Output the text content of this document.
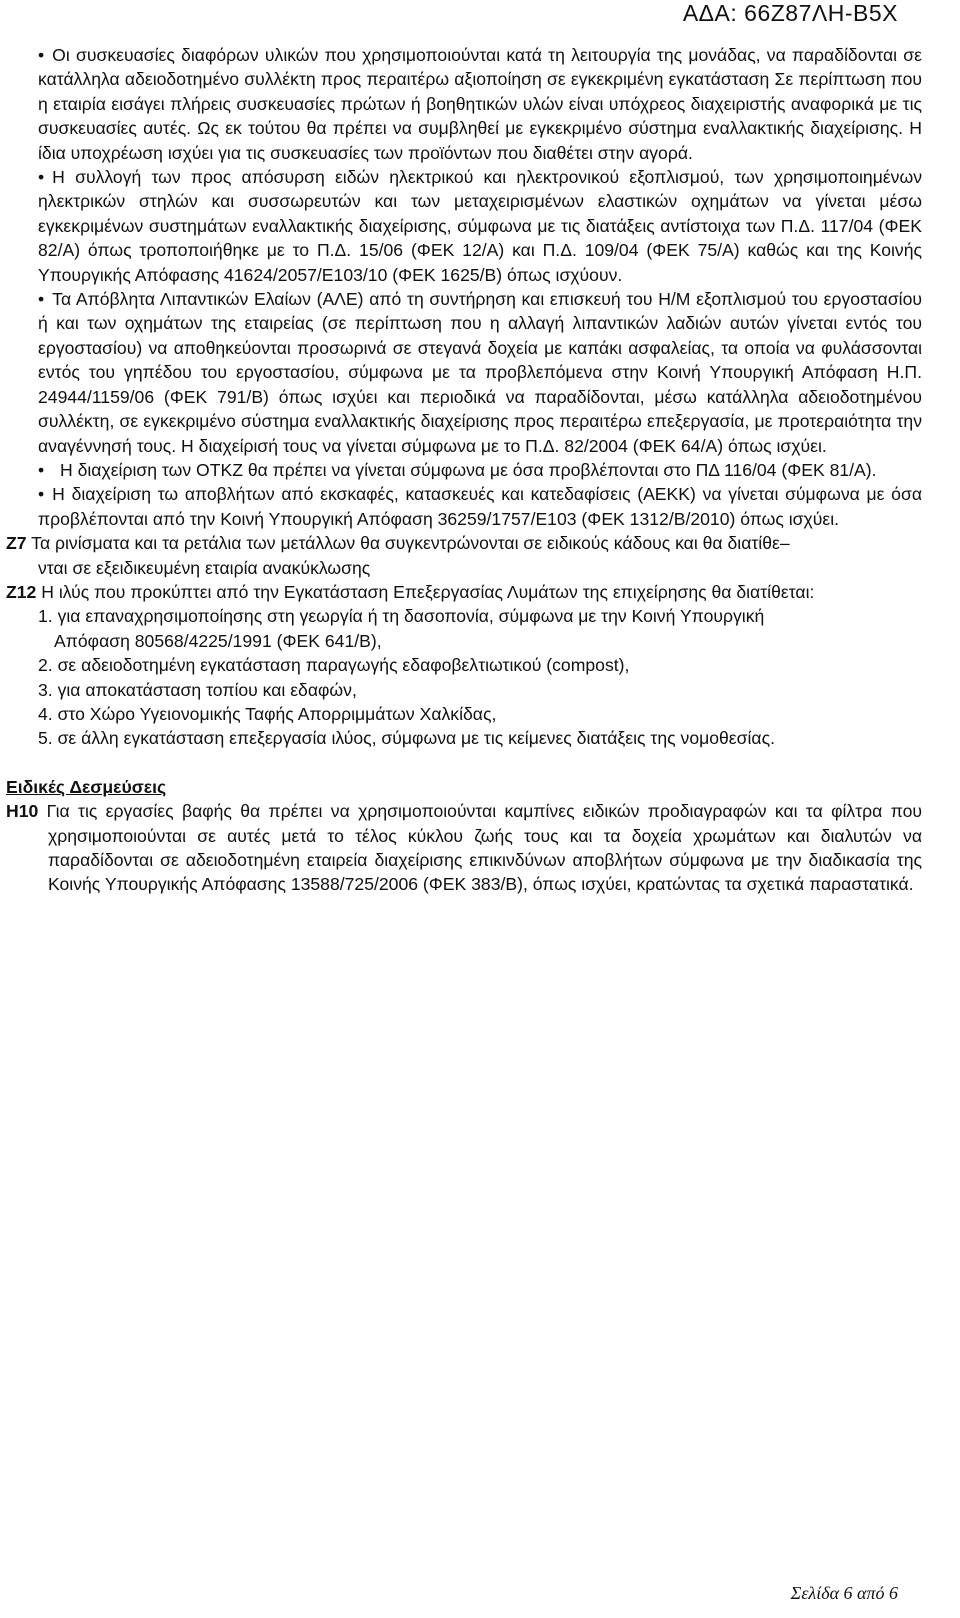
ΑΔΑ: 66Ζ87ΛΗ-Β5Χ
• Οι συσκευασίες διαφόρων υλικών που χρησιμοποιούνται κατά τη λειτουργία της μονάδας, να παραδίδονται σε κατάλληλα αδειοδοτημένο συλλέκτη προς περαιτέρω αξιοποίηση σε εγκεκριμένη εγκατάσταση Σε περίπτωση που η εταιρία εισάγει πλήρεις συσκευασίες πρώτων ή βοηθητικών υλών είναι υπόχρεος διαχειριστής αναφορικά με τις συσκευασίες αυτές. Ως εκ τούτου θα πρέπει να συμβληθεί με εγκεκριμένο σύστημα εναλλακτικής διαχείρισης. Η ίδια υποχρέωση ισχύει για τις συσκευασίες των προϊόντων που διαθέτει στην αγορά.
• Η συλλογή των προς απόσυρση ειδών ηλεκτρικού και ηλεκτρονικού εξοπλισμού, των χρησιμοποιημένων ηλεκτρικών στηλών και συσσωρευτών και των μεταχειρισμένων ελαστικών οχημάτων να γίνεται μέσω εγκεκριμένων συστημάτων εναλλακτικής διαχείρισης, σύμφωνα με τις διατάξεις αντίστοιχα των Π.Δ. 117/04 (ΦΕΚ 82/Α) όπως τροποποιήθηκε με το Π.Δ. 15/06 (ΦΕΚ 12/Α) και Π.Δ. 109/04 (ΦΕΚ 75/Α) καθώς και της Κοινής Υπουργικής Απόφασης 41624/2057/Ε103/10 (ΦΕΚ 1625/Β) όπως ισχύουν.
• Τα Απόβλητα Λιπαντικών Ελαίων (ΑΛΕ) από τη συντήρηση και επισκευή του Η/Μ εξοπλισμού του εργοστασίου ή και των οχημάτων της εταιρείας (σε περίπτωση που η αλλαγή λιπαντικών λαδιών αυτών γίνεται εντός του εργοστασίου) να αποθηκεύονται προσωρινά σε στεγανά δοχεία με καπάκι ασφαλείας, τα οποία να φυλάσσονται εντός του γηπέδου του εργοστασίου, σύμφωνα με τα προβλεπόμενα στην Κοινή Υπουργική Απόφαση Η.Π. 24944/1159/06 (ΦΕΚ 791/Β) όπως ισχύει και περιοδικά να παραδίδονται, μέσω κατάλληλα αδειοδοτημένου συλλέκτη, σε εγκεκριμένο σύστημα εναλλακτικής διαχείρισης προς περαιτέρω επεξεργασία, με προτεραιότητα την αναγέννησή τους. Η διαχείρισή τους να γίνεται σύμφωνα με το Π.Δ. 82/2004 (ΦΕΚ 64/Α) όπως ισχύει.
• Η διαχείριση των ΟΤΚΖ θα πρέπει να γίνεται σύμφωνα με όσα προβλέπονται στο ΠΔ 116/04 (ΦΕΚ 81/Α).
• Η διαχείριση τω αποβλήτων από εκσκαφές, κατασκευές και κατεδαφίσεις (ΑΕΚΚ) να γίνεται σύμφωνα με όσα προβλέπονται από την Κοινή Υπουργική Απόφαση 36259/1757/Ε103 (ΦΕΚ 1312/Β/2010) όπως ισχύει.
Ζ7 Τα ρινίσματα και τα ρετάλια των μετάλλων θα συγκεντρώνονται σε ειδικούς κάδους και θα διατίθε–
νται σε εξειδικευμένη εταιρία ανακύκλωσης
Ζ12 Η ιλύς που προκύπτει από την Εγκατάσταση Επεξεργασίας Λυμάτων της επιχείρησης θα διατίθεται:
1. για επαναχρησιμοποίησης στη γεωργία ή τη δασοπονία, σύμφωνα με την Κοινή Υπουργική
Απόφαση 80568/4225/1991 (ΦΕΚ 641/Β),
2. σε αδειοδοτημένη εγκατάσταση παραγωγής εδαφοβελτιωτικού (compost),
3. για αποκατάσταση τοπίου και εδαφών,
4. στο Χώρο Υγειονομικής Ταφής Απορριμμάτων Χαλκίδας,
5. σε άλλη εγκατάσταση επεξεργασία ιλύος, σύμφωνα με τις κείμενες διατάξεις της νομοθεσίας.
Ειδικές Δεσμεύσεις
Η10 Για τις εργασίες βαφής θα πρέπει να χρησιμοποιούνται καμπίνες ειδικών προδιαγραφών και τα φίλτρα που χρησιμοποιούνται σε αυτές μετά το τέλος κύκλου ζωής τους και τα δοχεία χρωμάτων και διαλυτών να παραδίδονται σε αδειοδοτημένη εταιρεία διαχείρισης επικινδύνων αποβλήτων σύμφωνα με την διαδικασία της Κοινής Υπουργικής Απόφασης 13588/725/2006 (ΦΕΚ 383/Β), όπως ισχύει, κρατώντας τα σχετικά παραστατικά.
Σελίδα 6 από 6
